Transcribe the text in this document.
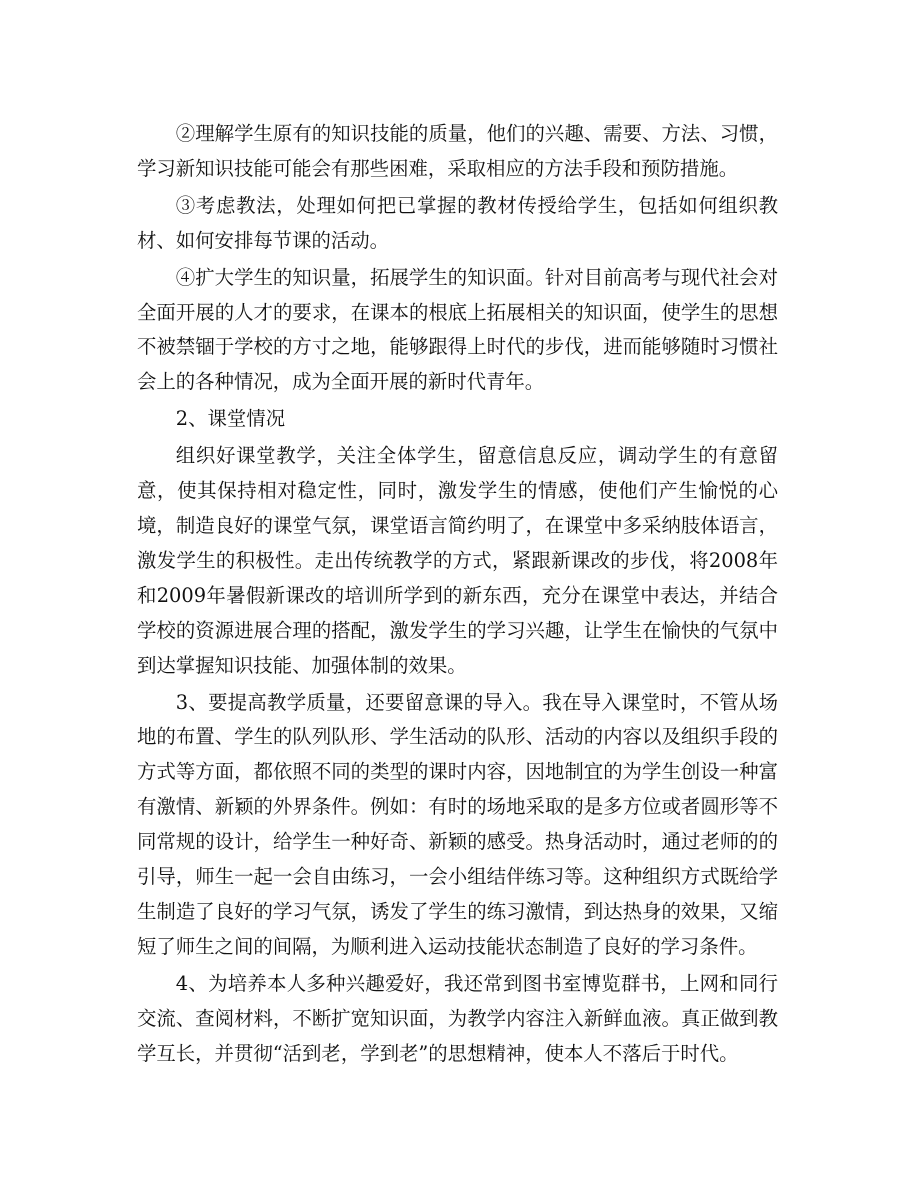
②理解学生原有的知识技能的质量，他们的兴趣、需要、方法、习惯，学习新知识技能可能会有那些困难，采取相应的方法手段和预防措施。

③考虑教法，处理如何把已掌握的教材传授给学生，包括如何组织教材、如何安排每节课的活动。

④扩大学生的知识量，拓展学生的知识面。针对目前高考与现代社会对全面开展的人才的要求，在课本的根底上拓展相关的知识面，使学生的思想不被禁锢于学校的方寸之地，能够跟得上时代的步伐，进而能够随时习惯社会上的各种情况，成为全面开展的新时代青年。

2、课堂情况

组织好课堂教学，关注全体学生，留意信息反应，调动学生的有意留意，使其保持相对稳定性，同时，激发学生的情感，使他们产生愉悦的心境，制造良好的课堂气氛，课堂语言简约明了，在课堂中多采纳肢体语言，激发学生的积极性。走出传统教学的方式，紧跟新课改的步伐，将2008年和2009年暑假新课改的培训所学到的新东西，充分在课堂中表达，并结合学校的资源进展合理的搭配，激发学生的学习兴趣，让学生在愉快的气氛中到达掌握知识技能、加强体制的效果。

3、要提高教学质量，还要留意课的导入。我在导入课堂时，不管从场地的布置、学生的队列队形、学生活动的队形、活动的内容以及组织手段的方式等方面，都依照不同的类型的课时内容，因地制宜的为学生创设一种富有激情、新颖的外界条件。例如：有时的场地采取的是多方位或者圆形等不同常规的设计，给学生一种好奇、新颖的感受。热身活动时，通过老师的的引导，师生一起一会自由练习，一会小组结伴练习等。这种组织方式既给学生制造了良好的学习气氛，诱发了学生的练习激情，到达热身的效果，又缩短了师生之间的间隔，为顺利进入运动技能状态制造了良好的学习条件。

4、为培养本人多种兴趣爱好，我还常到图书室博览群书，上网和同行交流、查阅材料，不断扩宽知识面，为教学内容注入新鲜血液。真正做到教学互长，并贯彻“活到老，学到老”的思想精神，使本人不落后于时代。
